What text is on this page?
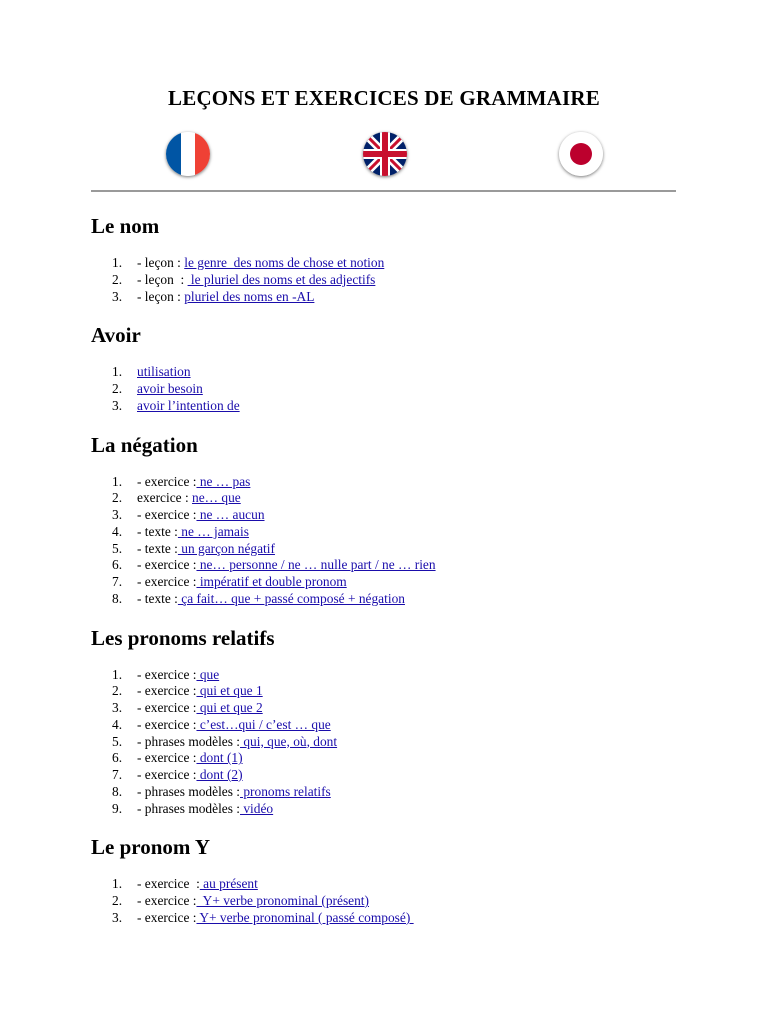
LEÇONS ET EXERCICES DE GRAMMAIRE
Le nom
1. - leçon : le genre  des noms de chose et notion
2. - leçon  :  le pluriel des noms et des adjectifs
3. - leçon : pluriel des noms en -AL
Avoir
1. utilisation
2. avoir besoin
3. avoir l’intention de
La négation
1. - exercice : ne … pas
2. exercice : ne… que
3. - exercice : ne … aucun
4. - texte : ne … jamais
5. - texte : un garçon négatif
6. - exercice : ne… personne / ne … nulle part / ne … rien
7. - exercice : impératif et double pronom
8. - texte : ça fait… que + passé composé + négation
Les pronoms relatifs
1. - exercice : que
2. - exercice : qui et que 1
3. - exercice : qui et que 2
4. - exercice : c’est…qui / c’est … que
5. - phrases modèles : qui, que, où, dont
6. - exercice : dont (1)
7. - exercice : dont (2)
8. - phrases modèles : pronoms relatifs
9. - phrases modèles : vidéo
Le pronom Y
1. - exercice  : au présent
2. - exercice :  Y+ verbe pronominal (présent)
3. - exercice : Y+ verbe pronominal ( passé composé)
